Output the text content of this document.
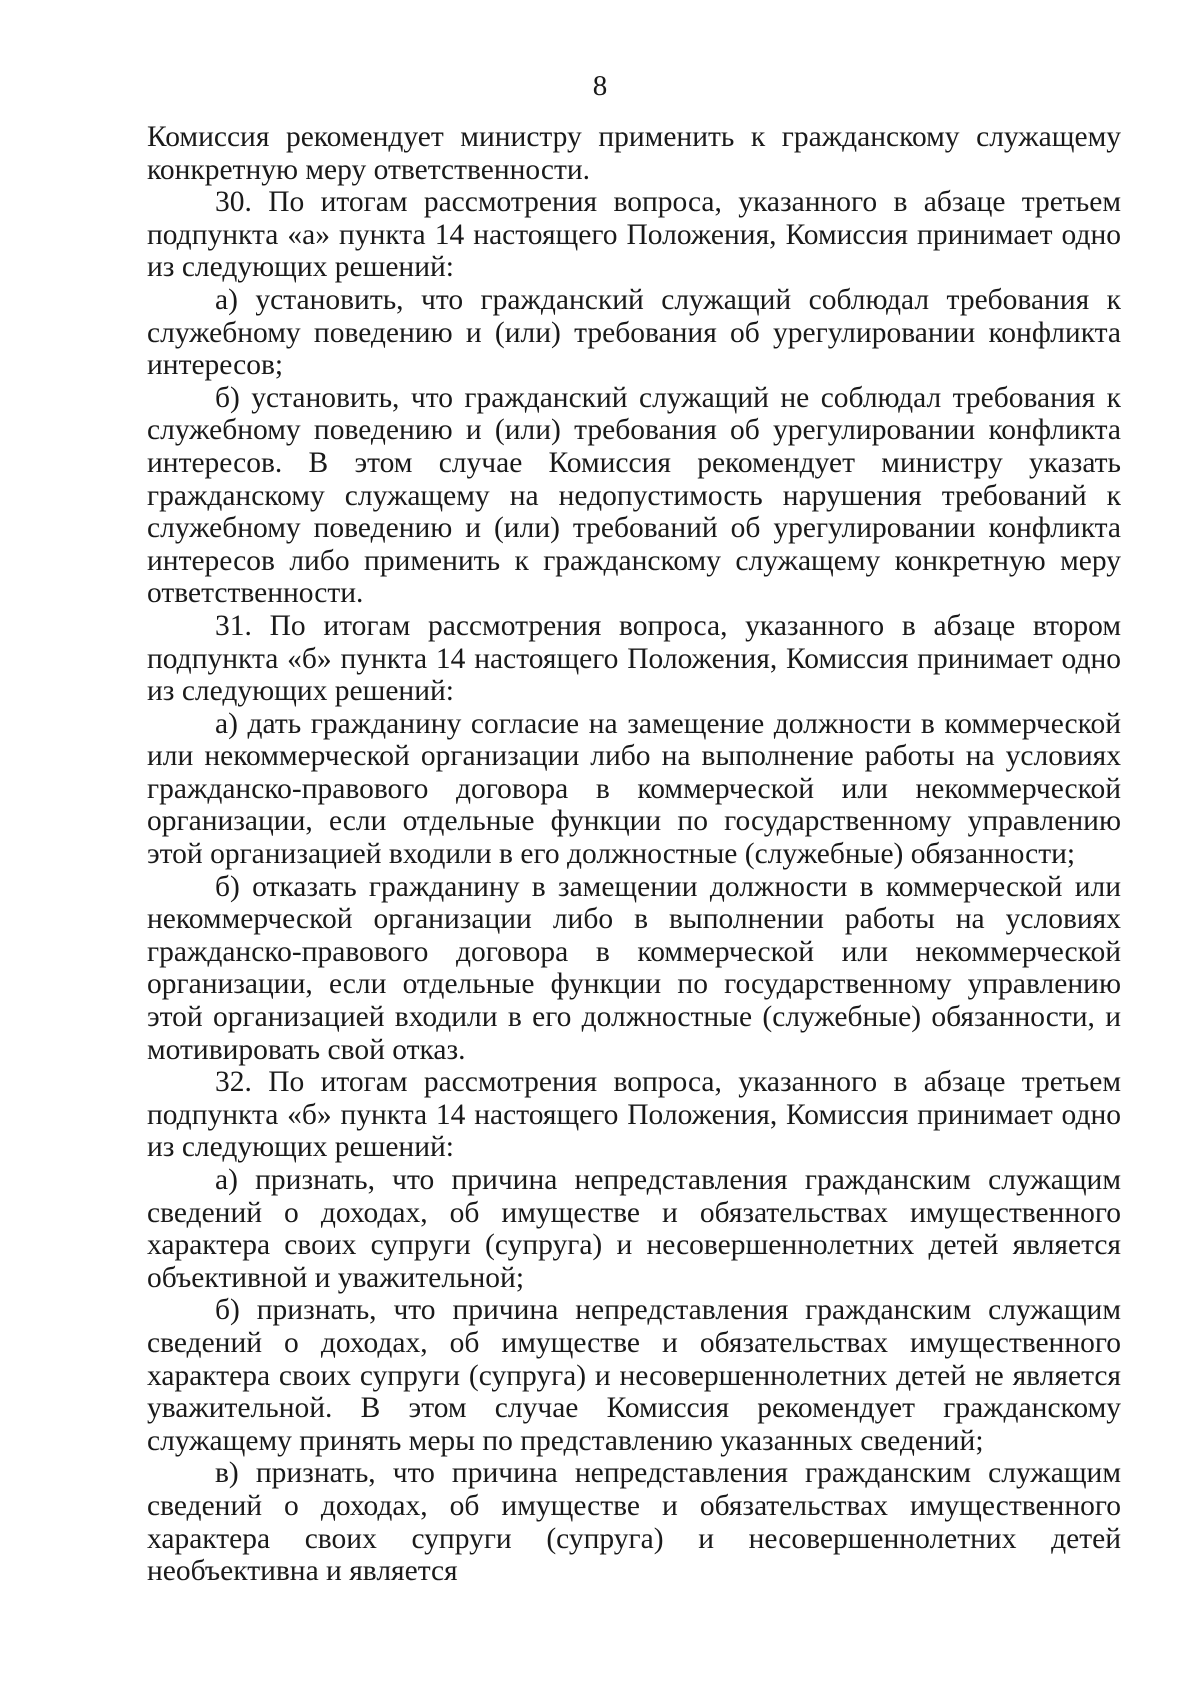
8

Комиссия рекомендует министру применить к гражданскому служащему конкретную меру ответственности.

30. По итогам рассмотрения вопроса, указанного в абзаце третьем подпункта «а» пункта 14 настоящего Положения, Комиссия принимает одно из следующих решений:

а) установить, что гражданский служащий соблюдал требования к служебному поведению и (или) требования об урегулировании конфликта интересов;

б) установить, что гражданский служащий не соблюдал требования к служебному поведению и (или) требования об урегулировании конфликта интересов. В этом случае Комиссия рекомендует министру указать гражданскому служащему на недопустимость нарушения требований к служебному поведению и (или) требований об урегулировании конфликта интересов либо применить к гражданскому служащему конкретную меру ответственности.

31. По итогам рассмотрения вопроса, указанного в абзаце втором подпункта «б» пункта 14 настоящего Положения, Комиссия принимает одно из следующих решений:

а) дать гражданину согласие на замещение должности в коммерческой или некоммерческой организации либо на выполнение работы на условиях гражданско-правового договора в коммерческой или некоммерческой организации, если отдельные функции по государственному управлению этой организацией входили в его должностные (служебные) обязанности;

б) отказать гражданину в замещении должности в коммерческой или некоммерческой организации либо в выполнении работы на условиях гражданско-правового договора в коммерческой или некоммерческой организации, если отдельные функции по государственному управлению этой организацией входили в его должностные (служебные) обязанности, и мотивировать свой отказ.

32. По итогам рассмотрения вопроса, указанного в абзаце третьем подпункта «б» пункта 14 настоящего Положения, Комиссия принимает одно из следующих решений:

а) признать, что причина непредставления гражданским служащим сведений о доходах, об имуществе и обязательствах имущественного характера своих супруги (супруга) и несовершеннолетних детей является объективной и уважительной;

б) признать, что причина непредставления гражданским служащим сведений о доходах, об имуществе и обязательствах имущественного характера своих супруги (супруга) и несовершеннолетних детей не является уважительной. В этом случае Комиссия рекомендует гражданскому служащему принять меры по представлению указанных сведений;

в) признать, что причина непредставления гражданским служащим сведений о доходах, об имуществе и обязательствах имущественного характера своих супруги (супруга) и несовершеннолетних детей необъективна и является
